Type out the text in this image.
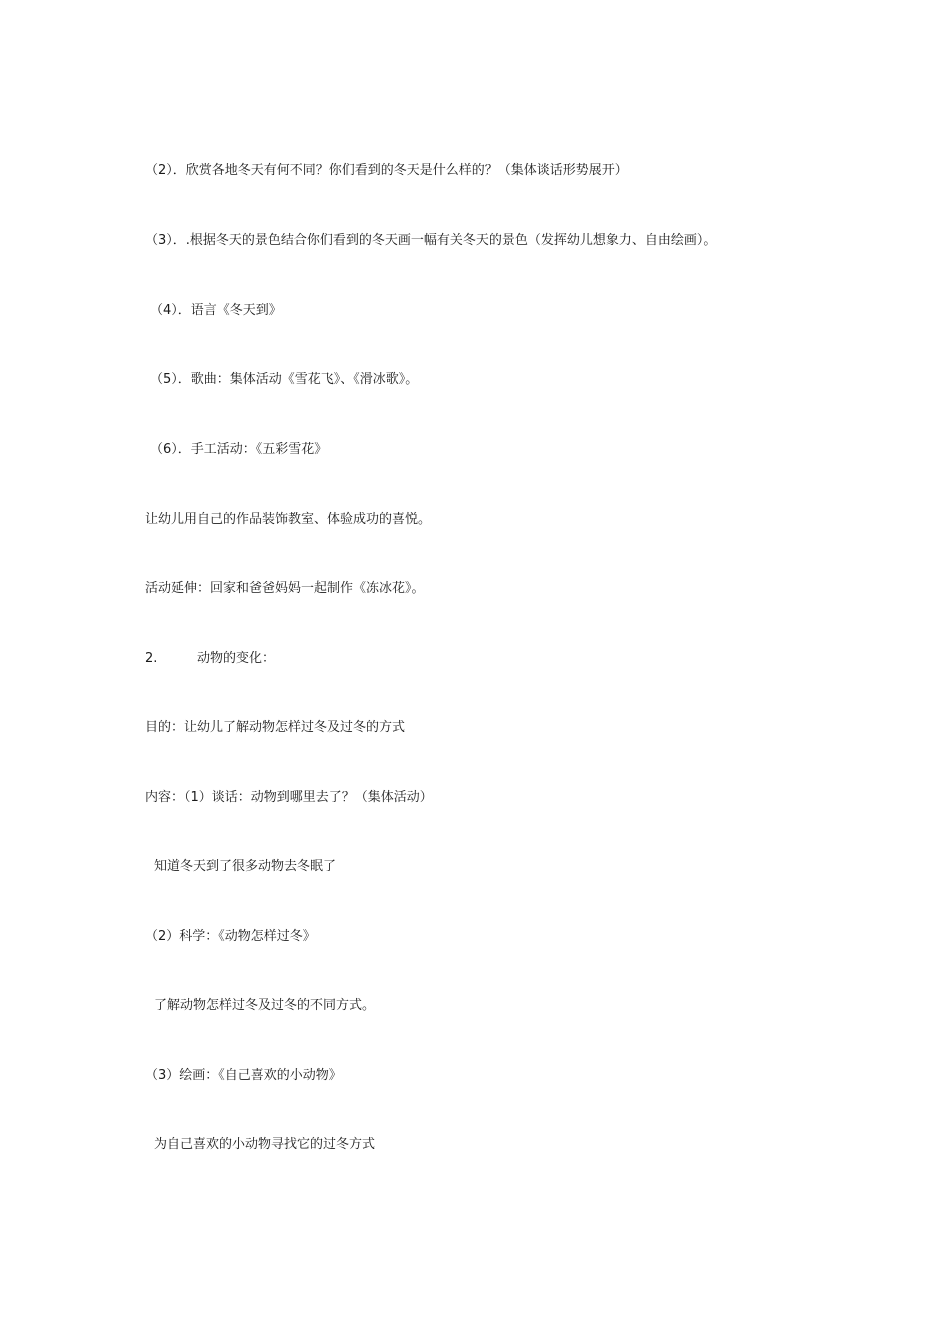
（2）．欣赏各地冬天有何不同？你们看到的冬天是什么样的？（集体谈话形势展开）
（3）．.根据冬天的景色结合你们看到的冬天画一幅有关冬天的景色（发挥幼儿想象力、自由绘画）。
（4）．语言《冬天到》
（5）．歌曲：集体活动《雪花飞》、《滑冰歌》。
（6）．手工活动：《五彩雪花》
让幼儿用自己的作品装饰教室、体验成功的喜悦。
活动延伸：回家和爸爸妈妈一起制作《冻冰花》。
2.	动物的变化：
目的：让幼儿了解动物怎样过冬及过冬的方式
内容：（1）谈话：动物到哪里去了？（集体活动）
知道冬天到了很多动物去冬眠了
（2）科学：《动物怎样过冬》
了解动物怎样过冬及过冬的不同方式。
（3）绘画：《自己喜欢的小动物》
为自己喜欢的小动物寻找它的过冬方式
